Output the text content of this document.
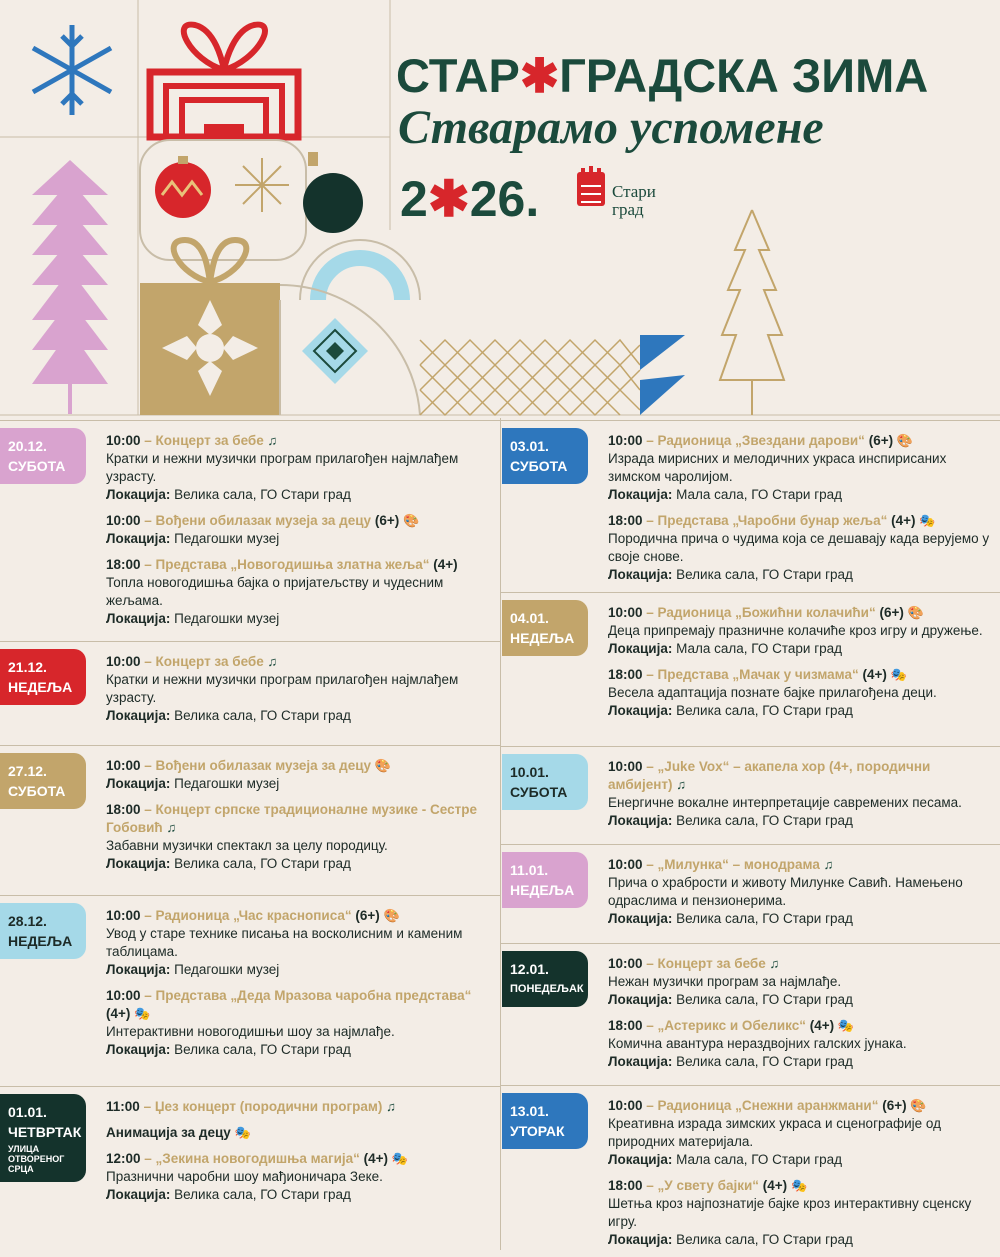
СТАР✱ГРАДСКА ЗИМА
Стварамо успомене
2✱26.	Стари
град
20.12.
СУБОТА
10:00 – Концерт за бебе ♫
Кратки и нежни музички програм прилагођен најмлађем узрасту.
Локација: Велика сала, ГО Стари град
10:00 – Вођени обилазак музеја за децу (6+) 🎨
Локација: Педагошки музеј
18:00 – Представа „Новогодишња златна жеља“ (4+)
Топла новогодишња бајка о пријатељству и чудесним жељама.
Локација: Педагошки музеј
21.12.
НЕДЕЉА
10:00 – Концерт за бебе ♫
Кратки и нежни музички програм прилагођен најмлађем узрасту.
Локација: Велика сала, ГО Стари град
27.12.
СУБОТА
10:00 – Вођени обилазак музеја за децу 🎨
Локација: Педагошки музеј
18:00 – Концерт српске традиционалне музике - Сестре Гобовић ♫
Забавни музички спектакл за целу породицу.
Локација: Велика сала, ГО Стари град
28.12.
НЕДЕЉА
10:00 – Радионица „Час краснописа“ (6+) 🎨
Увод у старе технике писања на восколисним и каменим таблицама.
Локација: Педагошки музеј
10:00 – Представа „Деда Мразова чаробна представа“ (4+) 🎭
Интерактивни новогодишњи шоу за најмлађе.
Локација: Велика сала, ГО Стари град
01.01.
ЧЕТВРТАК
УЛИЦА ОТВОРЕНОГ СРЦА
11:00 – Џез концерт (породични програм) ♫
Анимација за децу 🎭
12:00 – „Зекина новогодишња магија“ (4+) 🎭
Празнични чаробни шоу мађионичара Зеке.
Локација: Велика сала, ГО Стари град
03.01.
СУБОТА
10:00 – Радионица „Звездани дарови“ (6+) 🎨
Израда мирисних и мелодичних украса инспирисаних зимском чаролијом.
Локација: Мала сала, ГО Стари град
18:00 – Представа „Чаробни бунар жеља“ (4+) 🎭
Породична прича о чудима која се дешавају када верујемо у своје снове.
Локација: Велика сала, ГО Стари град
04.01.
НЕДЕЉА
10:00 – Радионица „Божићни колачићи“ (6+) 🎨
Деца припремају празничне колачиће кроз игру и дружење.
Локација: Мала сала, ГО Стари град
18:00 – Представа „Мачак у чизмама“ (4+) 🎭
Весела адаптација познате бајке прилагођена деци.
Локација: Велика сала, ГО Стари град
10.01.
СУБОТА
10:00 – „Juke Vox“ – акапела хор (4+, породични амбијент) ♫
Енергичне вокалне интерпретације савремених песама.
Локација: Велика сала, ГО Стари град
11.01.
НЕДЕЉА
10:00 – „Милунка“ – монодрама ♫
Прича о храбрости и животу Милунке Савић. Намењено одраслима и пензионерима.
Локација: Велика сала, ГО Стари град
12.01.
ПОНЕДЕЉАК
10:00 – Концерт за бебе ♫
Нежан музички програм за најмлађе.
Локација: Велика сала, ГО Стари град
18:00 – „Астерикс и Обеликс“ (4+) 🎭
Комична авантура нераздвојних галских јунака.
Локација: Велика сала, ГО Стари град
13.01.
УТОРАК
10:00 – Радионица „Снежни аранжмани“ (6+) 🎨
Креативна израда зимских украса и сценографије од природних материјала.
Локација: Мала сала, ГО Стари град
18:00 – „У свету бајки“ (4+) 🎭
Шетња кроз најпознатије бајке кроз интерактивну сценску игру.
Локација: Велика сала, ГО Стари град
